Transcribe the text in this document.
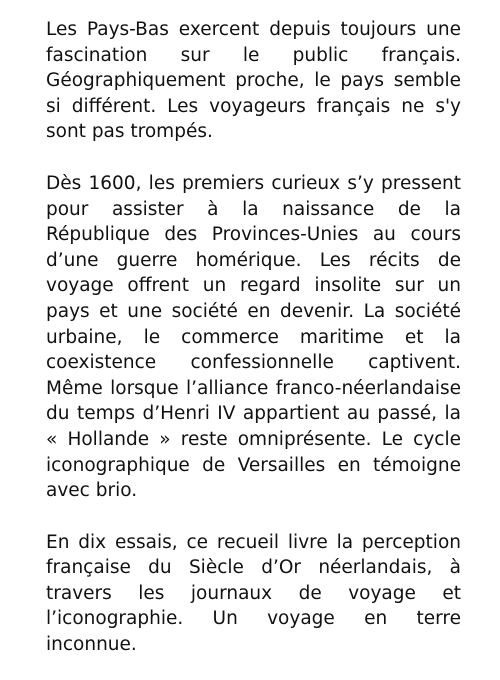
Les Pays-Bas exercent depuis toujours une fascination sur le public français. Géographiquement proche, le pays semble si différent. Les voyageurs français ne s'y sont pas trompés.

Dès 1600, les premiers curieux s’y pressent pour assister à la naissance de la République des Provinces-Unies au cours d’une guerre homérique. Les récits de voyage offrent un regard insolite sur un pays et une société en devenir. La société urbaine, le commerce maritime et la coexistence confessionnelle captivent. Même lorsque l’alliance franco-néerlandaise du temps d’Henri IV appartient au passé, la « Hollande » reste omniprésente. Le cycle iconographique de Versailles en témoigne avec brio.

En dix essais, ce recueil livre la perception française du Siècle d’Or néerlandais, à travers les journaux de voyage et l’iconographie. Un voyage en terre inconnue.
